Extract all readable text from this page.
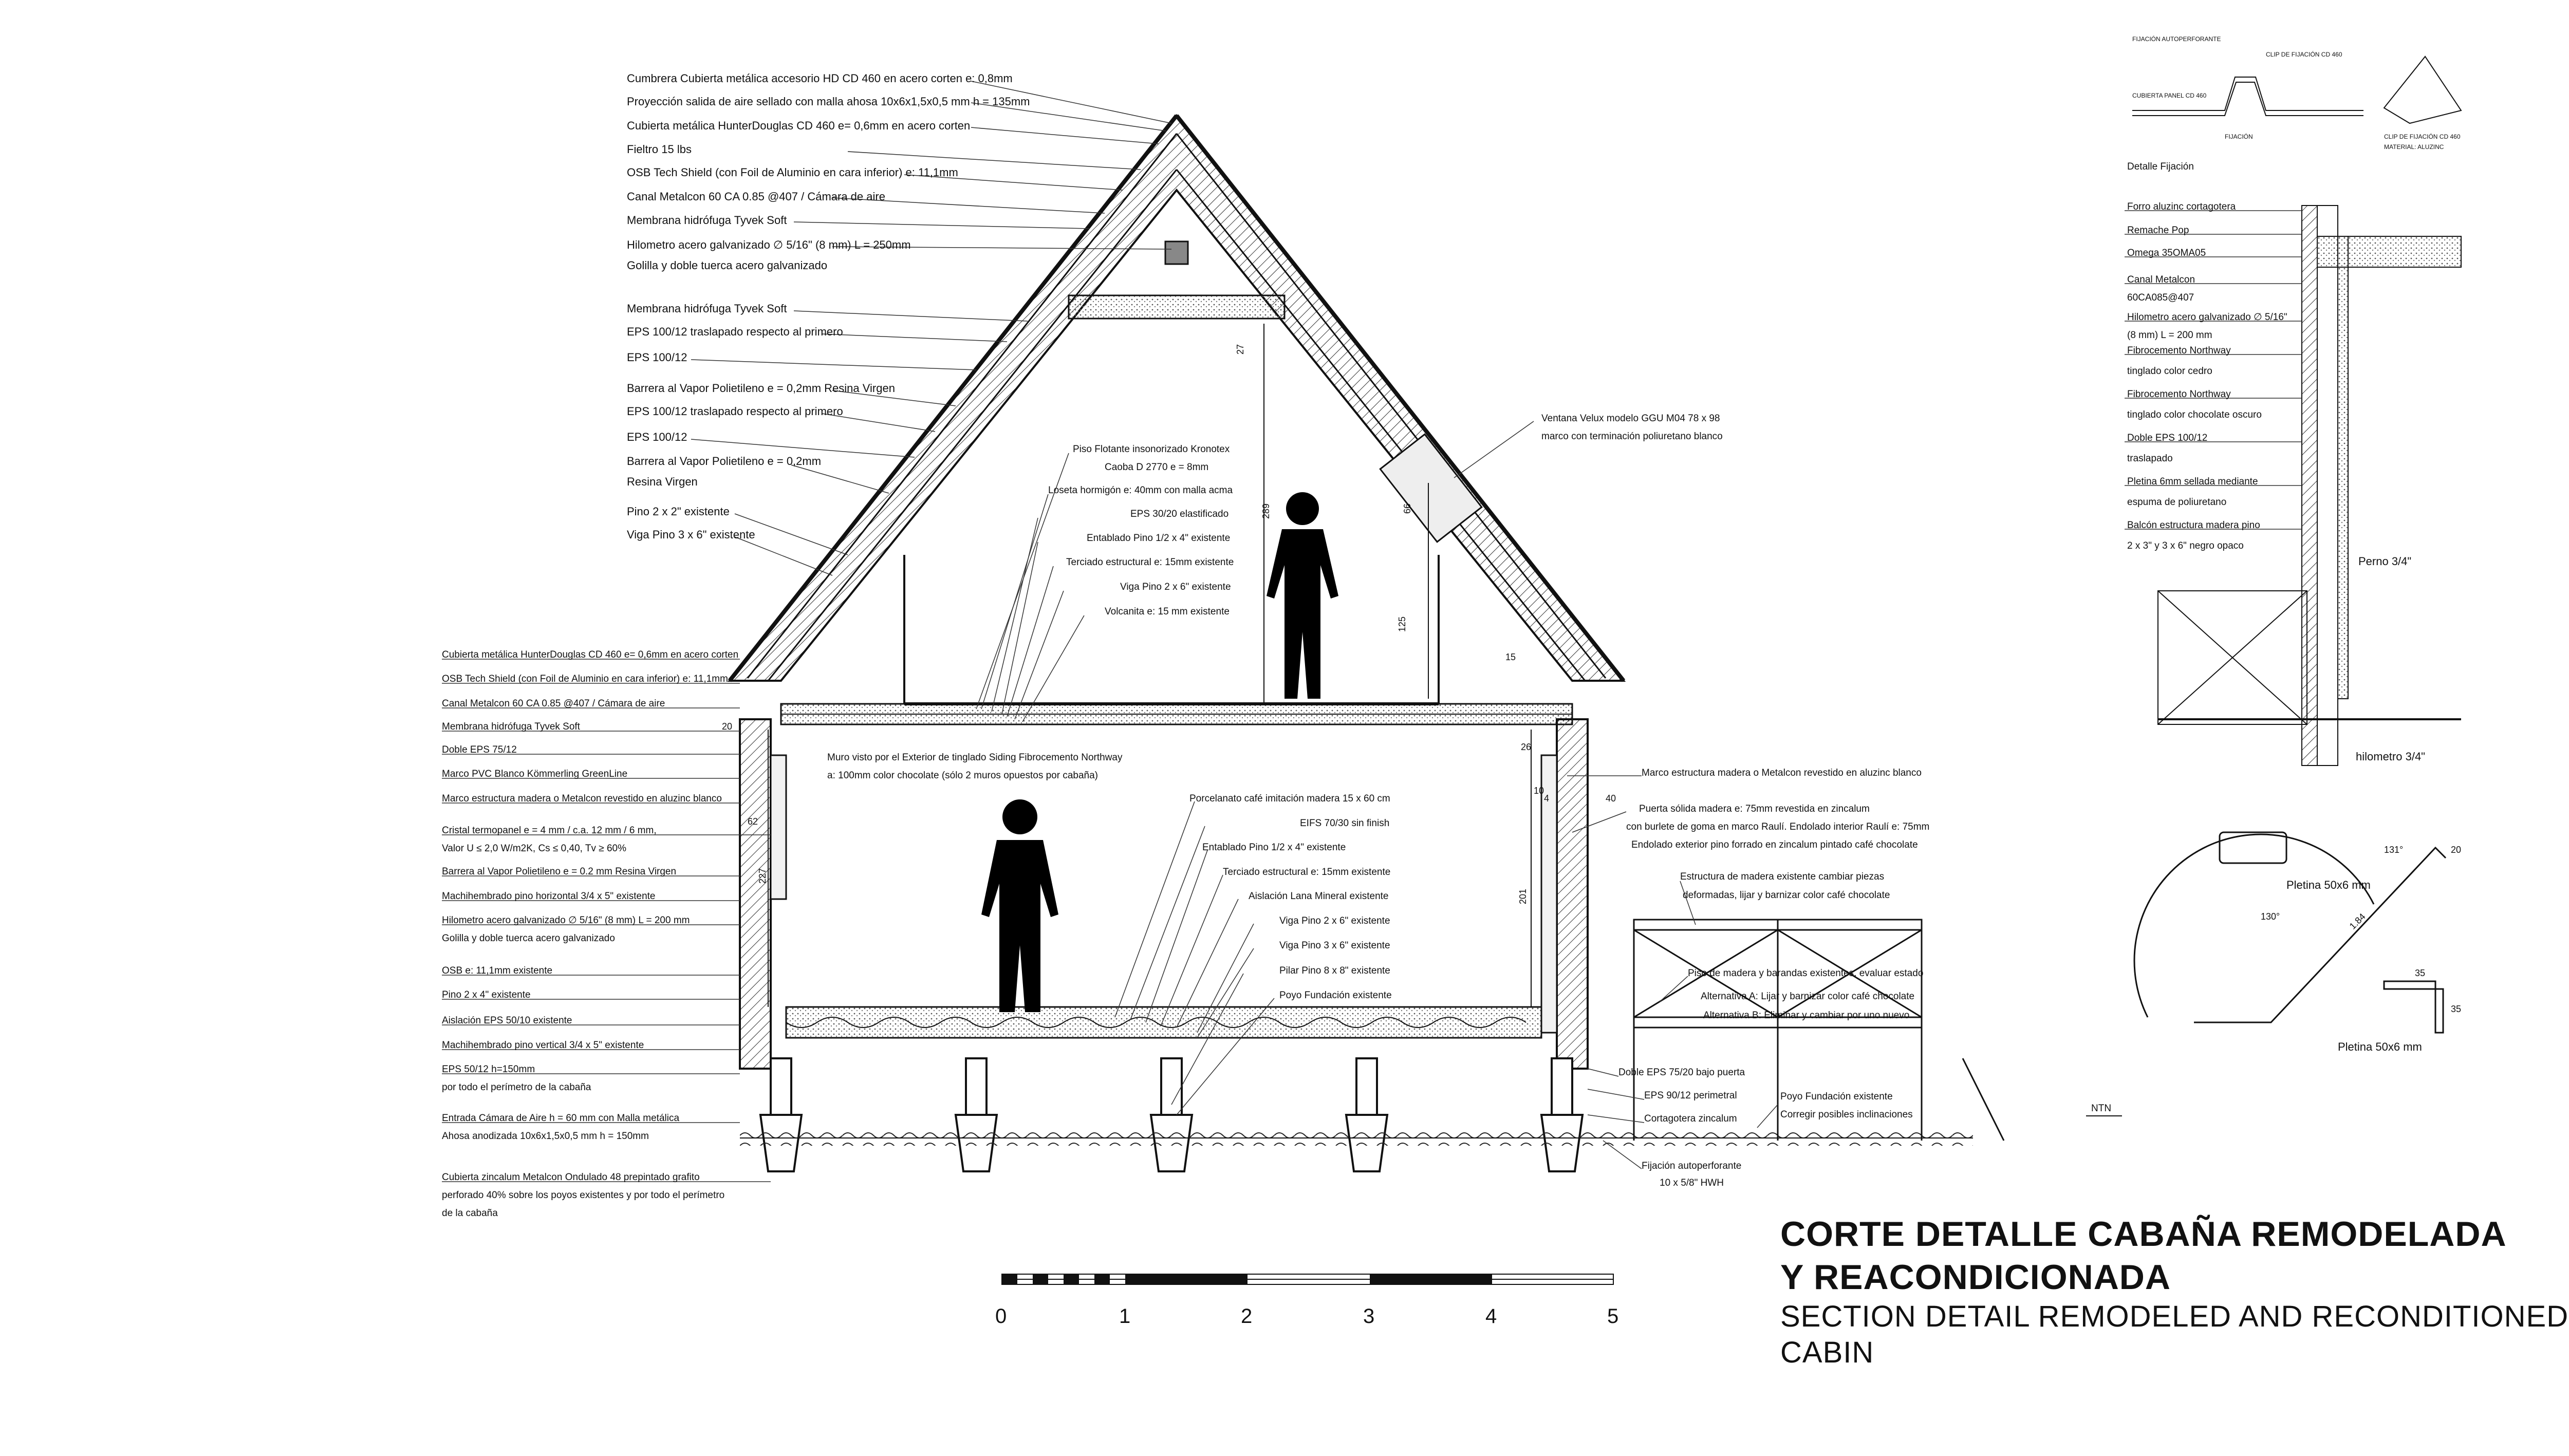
289
27
66
125
20
26
62
227
201
10
4	40
15
Cumbrera Cubierta metálica accesorio HD CD 460 en acero corten e: 0,8mm
Proyección salida de aire sellado con malla ahosa 10x6x1,5x0,5 mm h = 135mm
Cubierta metálica HunterDouglas CD 460 e= 0,6mm en acero corten
Fieltro 15 lbs
OSB Tech Shield (con Foil de Aluminio en cara inferior) e: 11,1mm
Canal Metalcon 60 CA 0.85 @407 / Cámara de aire
Membrana hidrófuga Tyvek Soft
Hilometro acero galvanizado ∅ 5/16" (8 mm) L = 250mm
Golilla y doble tuerca acero galvanizado
Membrana hidrófuga Tyvek Soft
EPS 100/12 traslapado respecto al primero
EPS 100/12
Barrera al Vapor Polietileno e = 0,2mm Resina Virgen
EPS 100/12 traslapado respecto al primero
EPS 100/12
Barrera al Vapor Polietileno e = 0,2mm
Resina Virgen
Pino 2 x 2" existente
Viga Pino 3 x 6" existente
Cubierta metálica HunterDouglas CD 460 e= 0,6mm en acero corten
OSB Tech Shield (con Foil de Aluminio en cara inferior) e: 11,1mm
Canal Metalcon 60 CA 0.85 @407 / Cámara de aire
Membrana hidrófuga Tyvek Soft
Doble EPS 75/12
Marco PVC Blanco Kömmerling GreenLine
Marco estructura madera o Metalcon revestido en aluzinc blanco
Cristal termopanel e = 4 mm / c.a. 12 mm / 6 mm,
Valor U ≤ 2,0 W/m2K, Cs ≤ 0,40, Tv ≥ 60%
Barrera al Vapor Polietileno e = 0.2 mm Resina Virgen
Machihembrado pino horizontal 3/4 x 5" existente
Hilometro acero galvanizado ∅ 5/16" (8 mm) L = 200 mm
Golilla y doble tuerca acero galvanizado
OSB e: 11,1mm existente
Pino 2 x 4" existente
Aislación EPS 50/10 existente
Machihembrado pino vertical 3/4 x 5" existente
EPS 50/12 h=150mm
por todo el perímetro de la cabaña
Entrada Cámara de Aire h = 60 mm con Malla metálica
Ahosa anodizada 10x6x1,5x0,5 mm h = 150mm
Cubierta zincalum Metalcon Ondulado 48 prepintado grafito
perforado 40% sobre los poyos existentes y por todo el perímetro
de la cabaña
Piso Flotante insonorizado Kronotex
Caoba D 2770 e = 8mm
Loseta hormigón e: 40mm con malla acma
EPS 30/20 elastificado
Entablado Pino 1/2 x 4" existente
Terciado estructural e: 15mm existente
Viga Pino 2 x 6" existente
Volcanita e: 15 mm existente
Muro visto por el Exterior de tinglado Siding Fibrocemento Northway
a: 100mm color chocolate (sólo 2 muros opuestos por cabaña)
Porcelanato café imitación madera 15 x 60 cm
EIFS 70/30 sin finish
Entablado Pino 1/2 x 4" existente
Terciado estructural e: 15mm existente
Aislación Lana Mineral existente
Viga Pino 2 x 6" existente
Viga Pino 3 x 6" existente
Pilar Pino 8 x 8" existente
Poyo Fundación existente
Ventana Velux modelo GGU M04 78 x 98
marco con terminación poliuretano blanco
Marco estructura madera o Metalcon revestido en aluzinc blanco
Puerta sólida madera e: 75mm revestida en zincalum
con burlete de goma en marco Raulí. Endolado interior Raulí e: 75mm
Endolado exterior pino forrado en zincalum pintado café chocolate
Estructura de madera existente cambiar piezas
deformadas, lijar y barnizar color café chocolate
Piso de madera y barandas existentes, evaluar estado
Alternativa A: Lijar y barnizar color café chocolate
Alternativa B: Eliminar y cambiar por uno nuevo
Doble EPS 75/20 bajo puerta
EPS 90/12 perimetral
Cortagotera zincalum
Fijación autoperforante
10 x 5/8" HWH
Poyo Fundación existente
Corregir posibles inclinaciones
NTN
FIJACIÓN AUTOPERFORANTE
CLIP DE FIJACIÓN CD 460
CUBIERTA PANEL CD 460
FIJACIÓN	CLIP DE FIJACIÓN CD 460
MATERIAL: ALUZINC
Detalle Fijación
Forro aluzinc cortagotera
Remache Pop
Omega 35OMA05
Canal Metalcon
60CA085@407
Hilometro acero galvanizado ∅ 5/16"
(8 mm) L = 200 mm
Fibrocemento Northway
tinglado color cedro
Fibrocemento Northway
tinglado color chocolate oscuro
Doble EPS 100/12
traslapado
Pletina 6mm sellada mediante
espuma de poliuretano
Balcón estructura madera pino
2 x 3" y 3 x 6" negro opaco
Perno 3/4"
hilometro 3/4"
Pletina 50x6 mm
Pletina 50x6 mm
130°	1.84
131°
35
35
20
0	1	2	3	4	5
CORTE DETALLE CABAÑA REMODELADA
Y REACONDICIONADA
SECTION DETAIL REMODELED AND RECONDITIONED CABIN
